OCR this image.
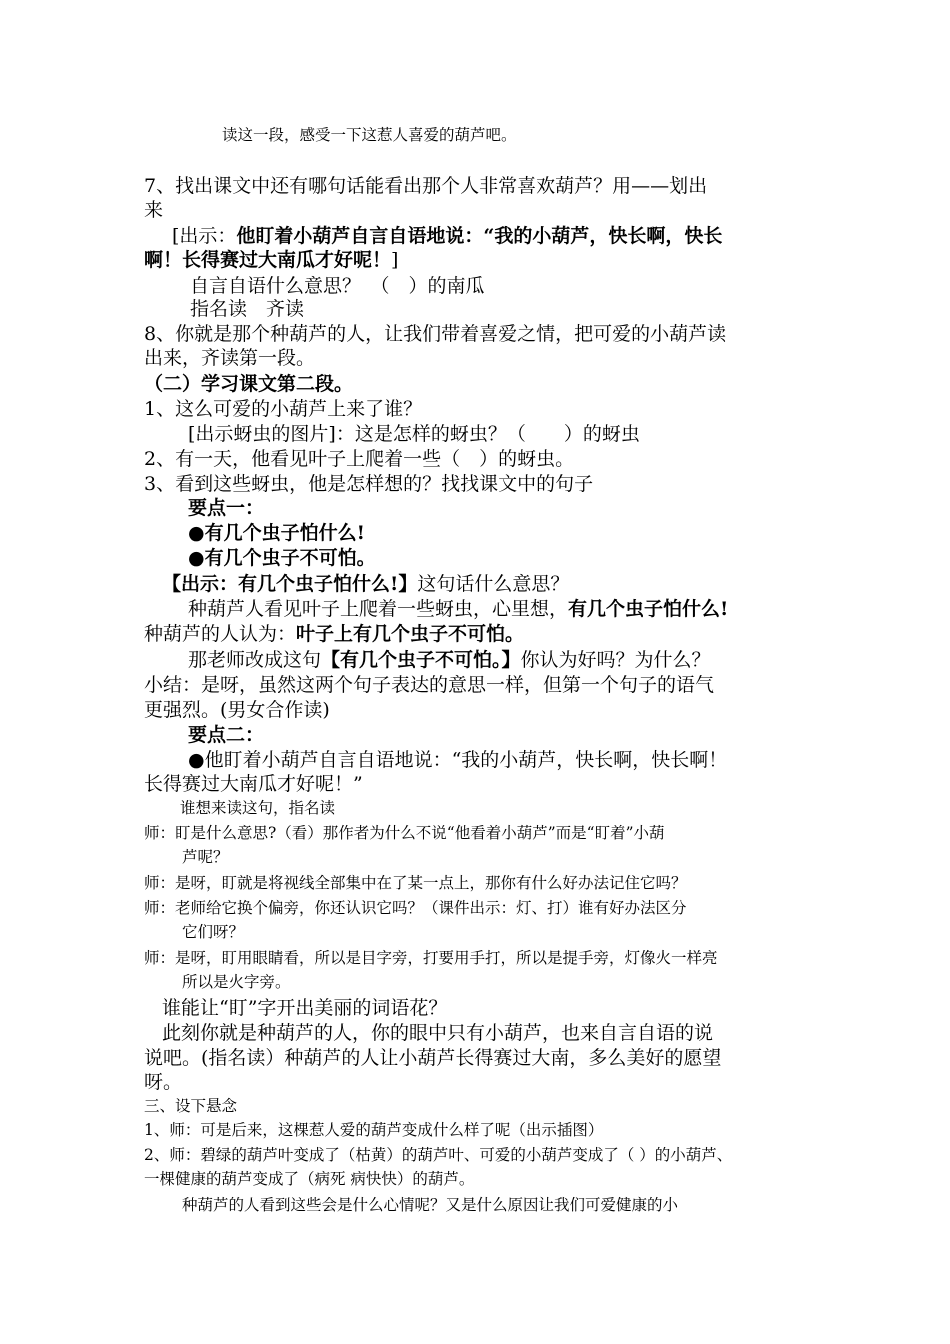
读这一段，感受一下这惹人喜爱的葫芦吧。
7、找出课文中还有哪句话能看出那个人非常喜欢葫芦？用——划出
来
[出示：他盯着小葫芦自言自语地说：“我的小葫芦，快长啊，快长
啊！长得赛过大南瓜才好呢！]
自言自语什么意思？　（　）的南瓜
指名读　齐读
8、你就是那个种葫芦的人，让我们带着喜爱之情，把可爱的小葫芦读
出来，齐读第一段。
（二）学习课文第二段。
1、这么可爱的小葫芦上来了谁？
[出示蚜虫的图片]：这是怎样的蚜虫？（　　）的蚜虫
2、有一天，他看见叶子上爬着一些（　）的蚜虫。
3、看到这些蚜虫，他是怎样想的？找找课文中的句子
要点一：
●有几个虫子怕什么!
●有几个虫子不可怕。
【出示：有几个虫子怕什么!】这句话什么意思？
种葫芦人看见叶子上爬着一些蚜虫，心里想，有几个虫子怕什么!
种葫芦的人认为：叶子上有几个虫子不可怕。
那老师改成这句【有几个虫子不可怕。】你认为好吗？为什么？
小结：是呀，虽然这两个句子表达的意思一样，但第一个句子的语气
更强烈。(男女合作读)
要点二：
●他盯着小葫芦自言自语地说：“我的小葫芦，快长啊，快长啊！
长得赛过大南瓜才好呢！”
谁想来读这句，指名读
师：盯是什么意思?（看）那作者为什么不说“他看着小葫芦”而是“盯着”小葫
芦呢？
师：是呀，盯就是将视线全部集中在了某一点上，那你有什么好办法记住它吗？
师：老师给它换个偏旁，你还认识它吗？（课件出示：灯、打）谁有好办法区分
它们呀？
师：是呀，盯用眼睛看，所以是目字旁，打要用手打，所以是提手旁，灯像火一样亮
所以是火字旁。
谁能让“盯”字开出美丽的词语花？
此刻你就是种葫芦的人，你的眼中只有小葫芦，也来自言自语的说
说吧。(指名读）种葫芦的人让小葫芦长得赛过大南，多么美好的愿望
呀。
三、设下悬念
1、师：可是后来，这棵惹人爱的葫芦变成什么样了呢（出示插图）
2、师：碧绿的葫芦叶变成了（枯黄）的葫芦叶、可爱的小葫芦变成了（ ）的小葫芦、
一棵健康的葫芦变成了（病死 病快快）的葫芦。
种葫芦的人看到这些会是什么心情呢？又是什么原因让我们可爱健康的小
